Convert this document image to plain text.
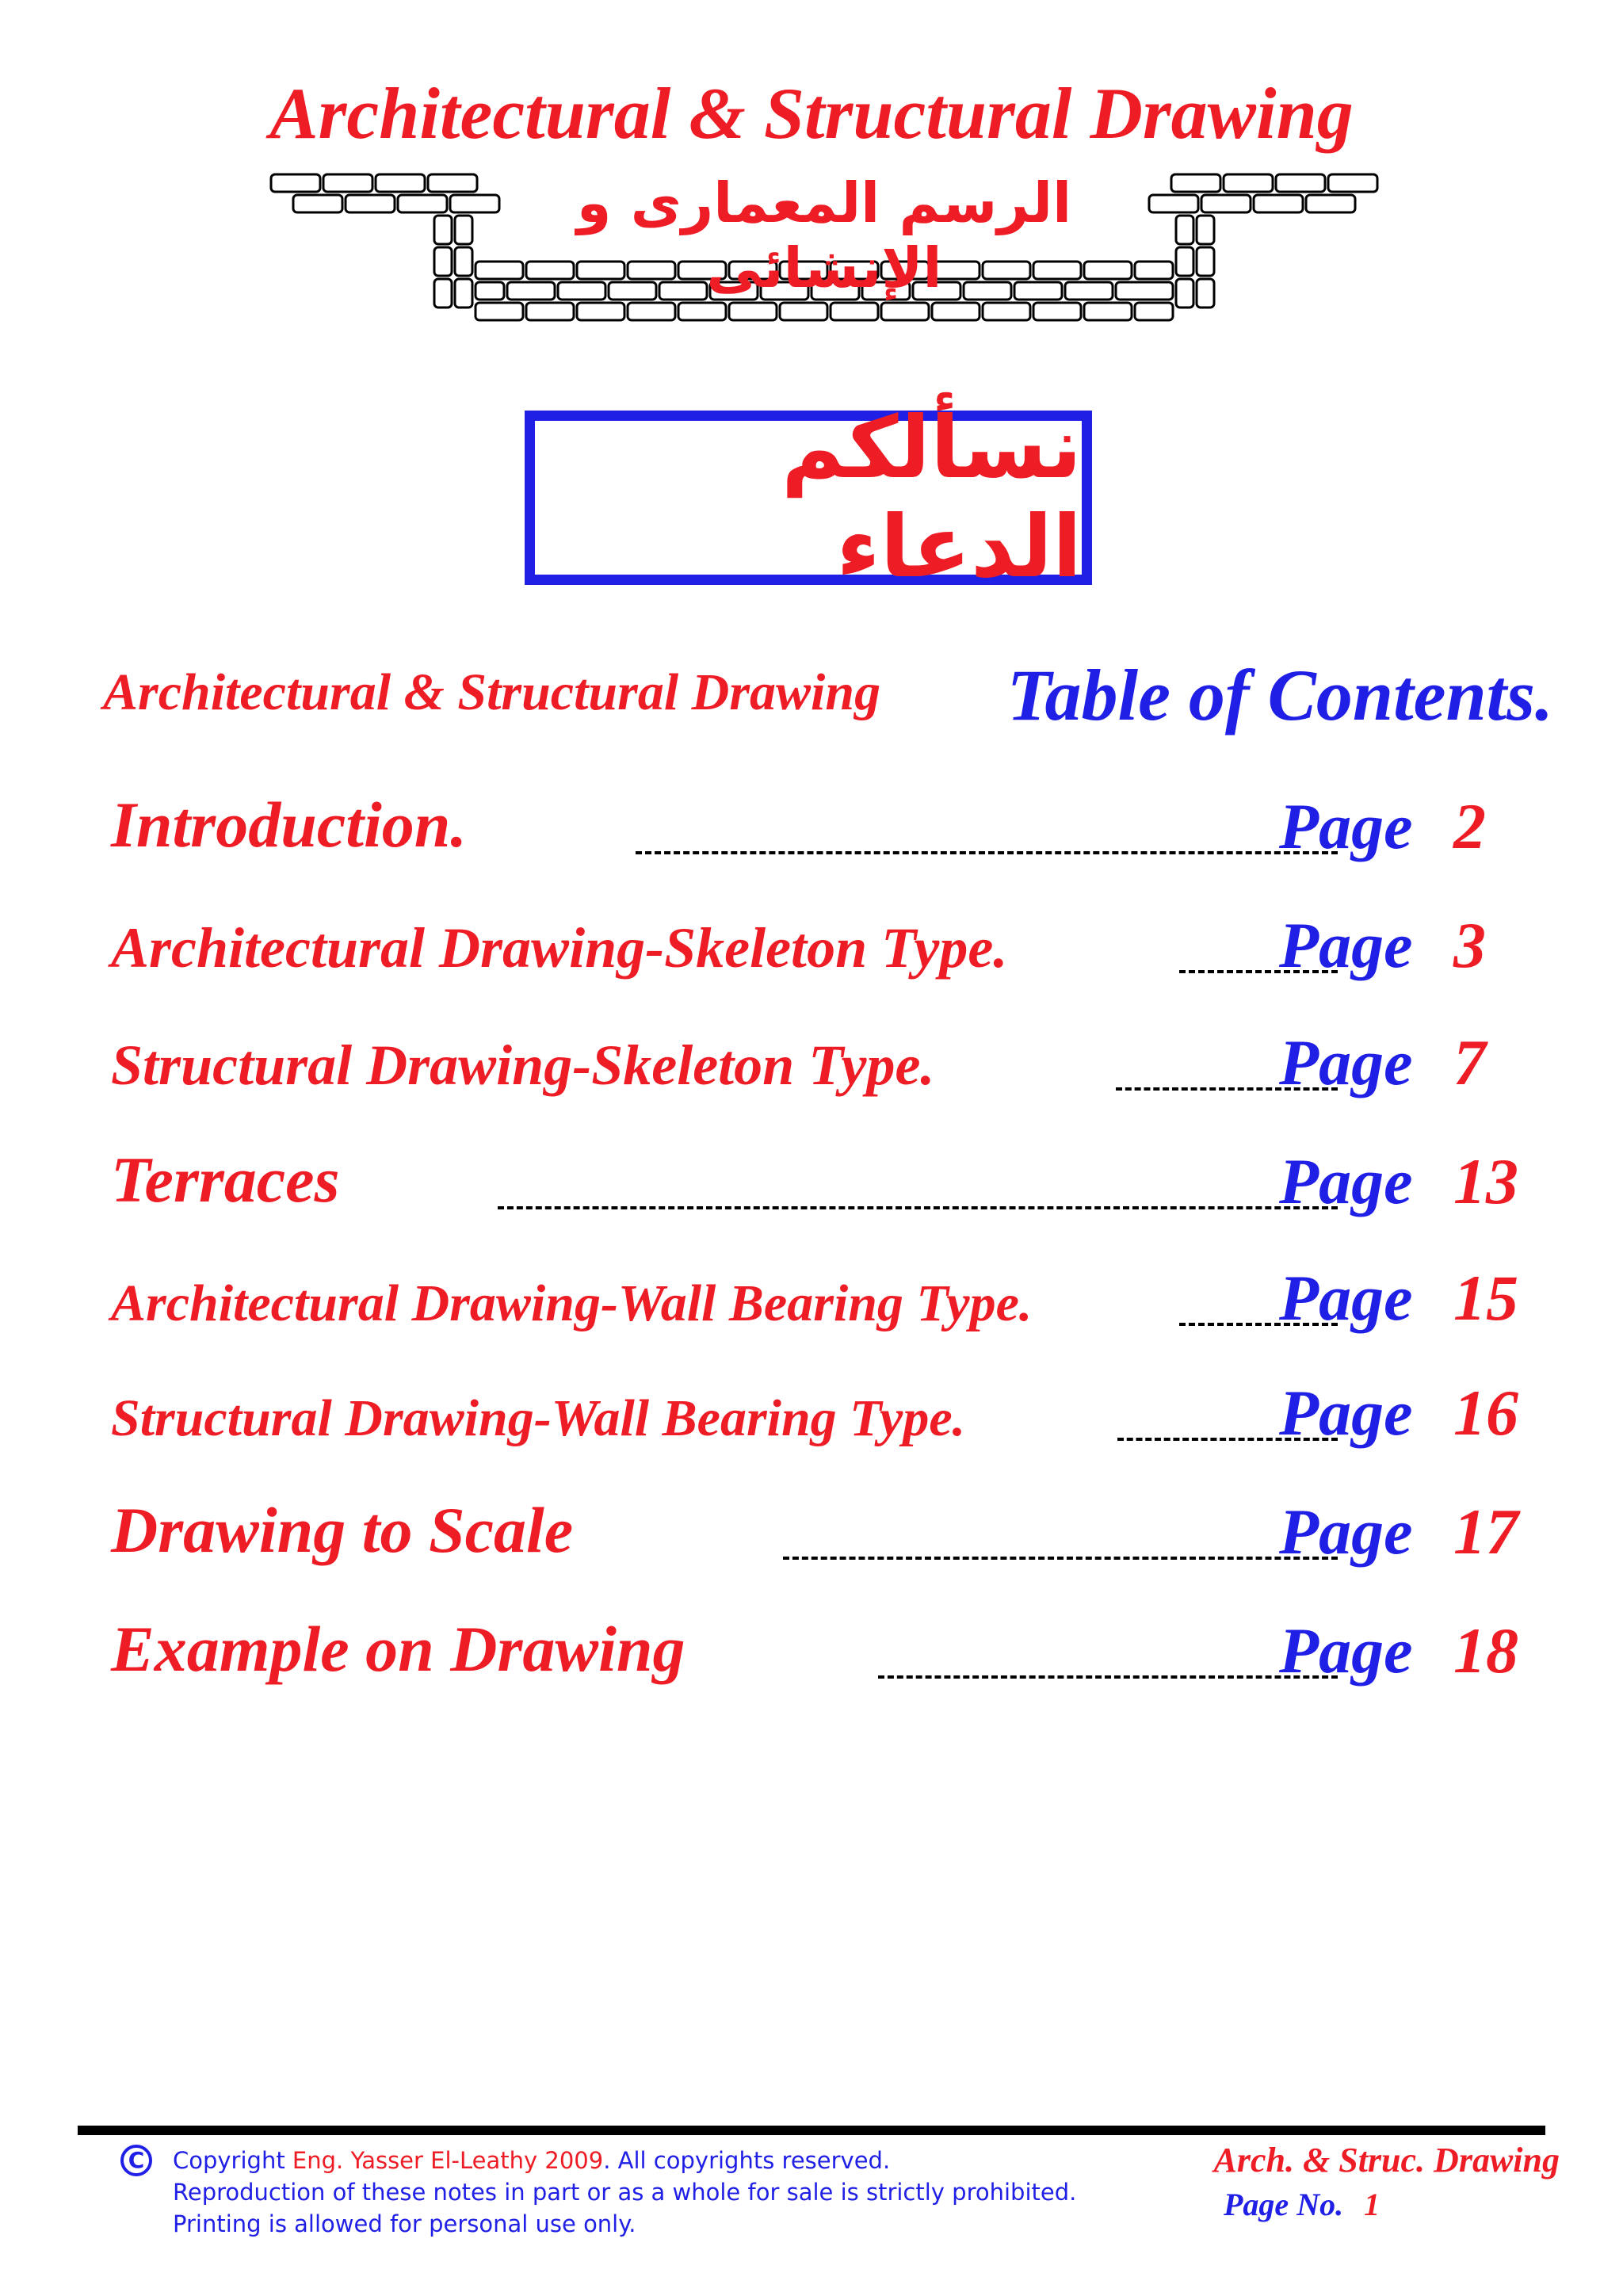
Architectural & Structural Drawing
الرسم المعمارى و الإنشائى
نسألكم الدعاء
Architectural & Structural Drawing Table of Contents.
Introduction.	Page 2
Architectural Drawing-Skeleton Type.	Page 3
Structural Drawing-Skeleton Type.	Page 7
Terraces	Page 13
Architectural Drawing-Wall Bearing Type.	Page 15
Structural Drawing-Wall Bearing Type.	Page 16
Drawing to Scale	Page 17
Example on Drawing	Page 18
C	Copyright Eng. Yasser El-Leathy 2009. All copyrights reserved.
Reproduction of these notes in part or as a whole for sale is strictly prohibited.
Printing is allowed for personal use only.
Arch. & Struc. Drawing
Page No. 1
